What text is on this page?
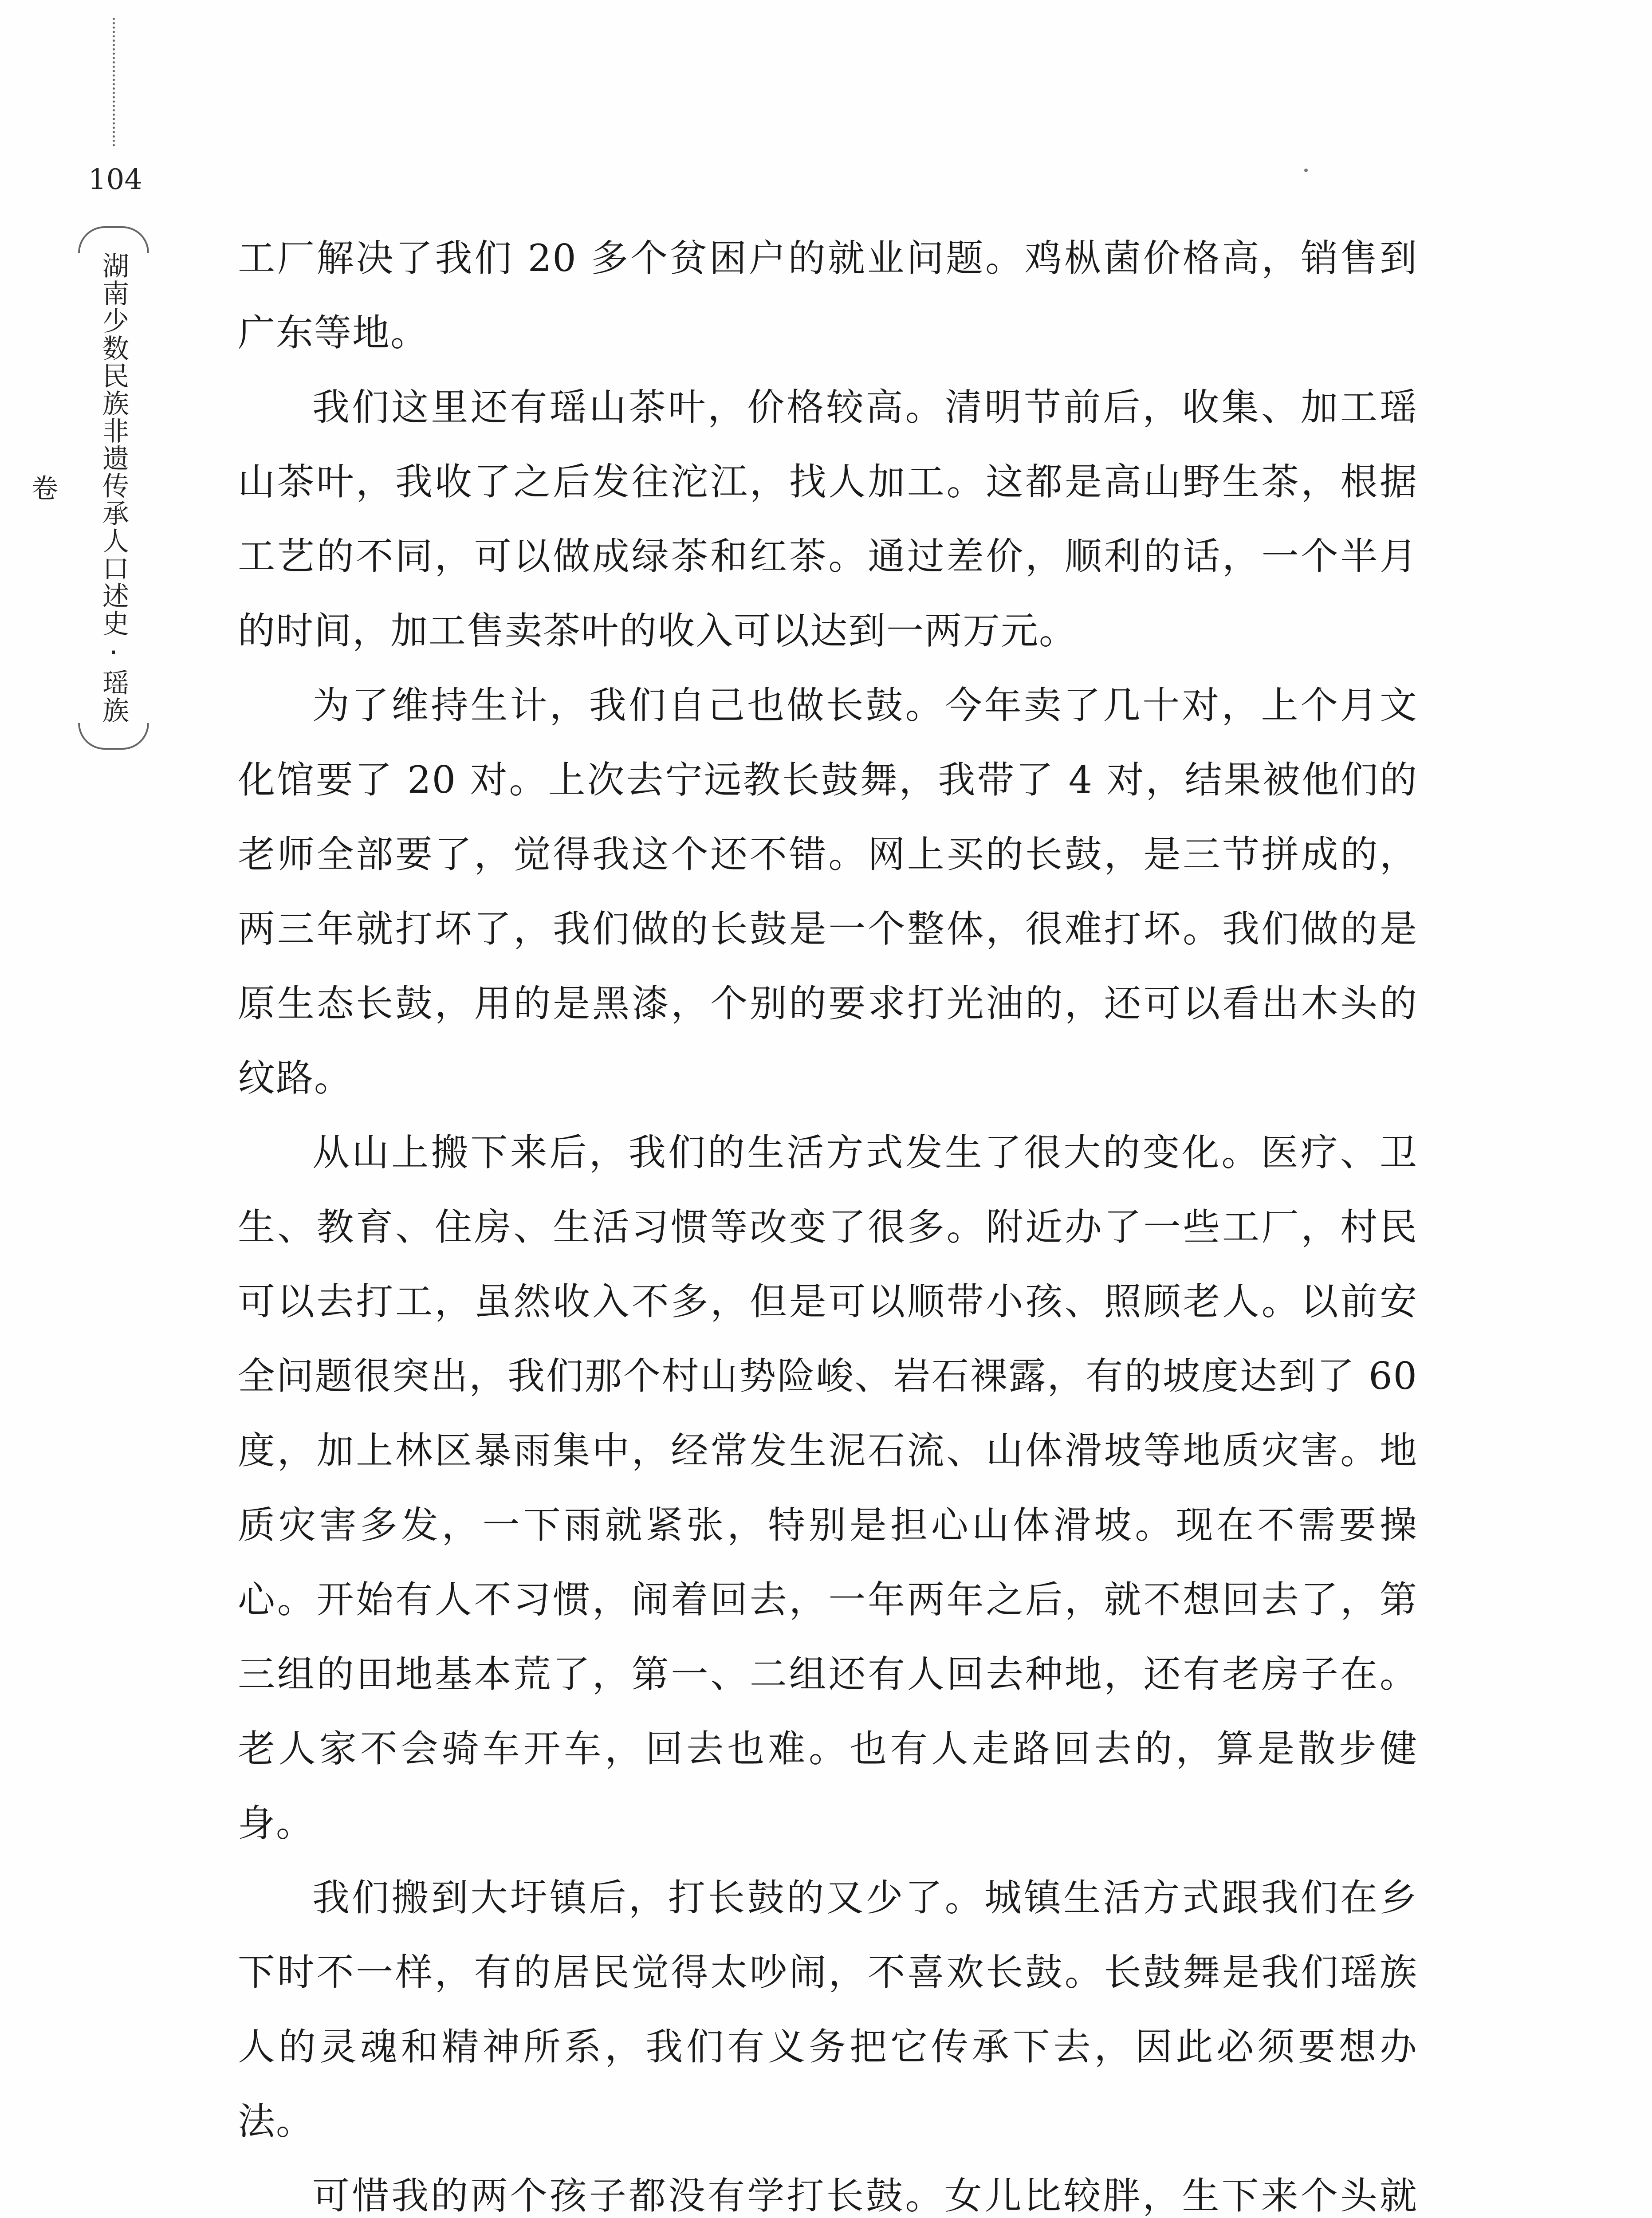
104
湖南少数民族非遗传承人口述史·瑶族卷

工厂解决了我们 20 多个贫困户的就业问题。鸡枞菌价格高，销售到广东等地。

我们这里还有瑶山茶叶，价格较高。清明节前后，收集、加工瑶山茶叶，我收了之后发往沱江，找人加工。这都是高山野生茶，根据工艺的不同，可以做成绿茶和红茶。通过差价，顺利的话，一个半月的时间，加工售卖茶叶的收入可以达到一两万元。

为了维持生计，我们自己也做长鼓。今年卖了几十对，上个月文化馆要了 20 对。上次去宁远教长鼓舞，我带了 4 对，结果被他们的老师全部要了，觉得我这个还不错。网上买的长鼓，是三节拼成的，两三年就打坏了，我们做的长鼓是一个整体，很难打坏。我们做的是原生态长鼓，用的是黑漆，个别的要求打光油的，还可以看出木头的纹路。

从山上搬下来后，我们的生活方式发生了很大的变化。医疗、卫生、教育、住房、生活习惯等改变了很多。附近办了一些工厂，村民可以去打工，虽然收入不多，但是可以顺带小孩、照顾老人。以前安全问题很突出，我们那个村山势险峻、岩石裸露，有的坡度达到了 60 度，加上林区暴雨集中，经常发生泥石流、山体滑坡等地质灾害。地质灾害多发，一下雨就紧张，特别是担心山体滑坡。现在不需要操心。开始有人不习惯，闹着回去，一年两年之后，就不想回去了，第三组的田地基本荒了，第一、二组还有人回去种地，还有老房子在。老人家不会骑车开车，回去也难。也有人走路回去的，算是散步健身。

我们搬到大圩镇后，打长鼓的又少了。城镇生活方式跟我们在乡下时不一样，有的居民觉得太吵闹，不喜欢长鼓。长鼓舞是我们瑶族人的灵魂和精神所系，我们有义务把它传承下去，因此必须要想办法。

可惜我的两个孩子都没有学打长鼓。女儿比较胖，生下来个头就
